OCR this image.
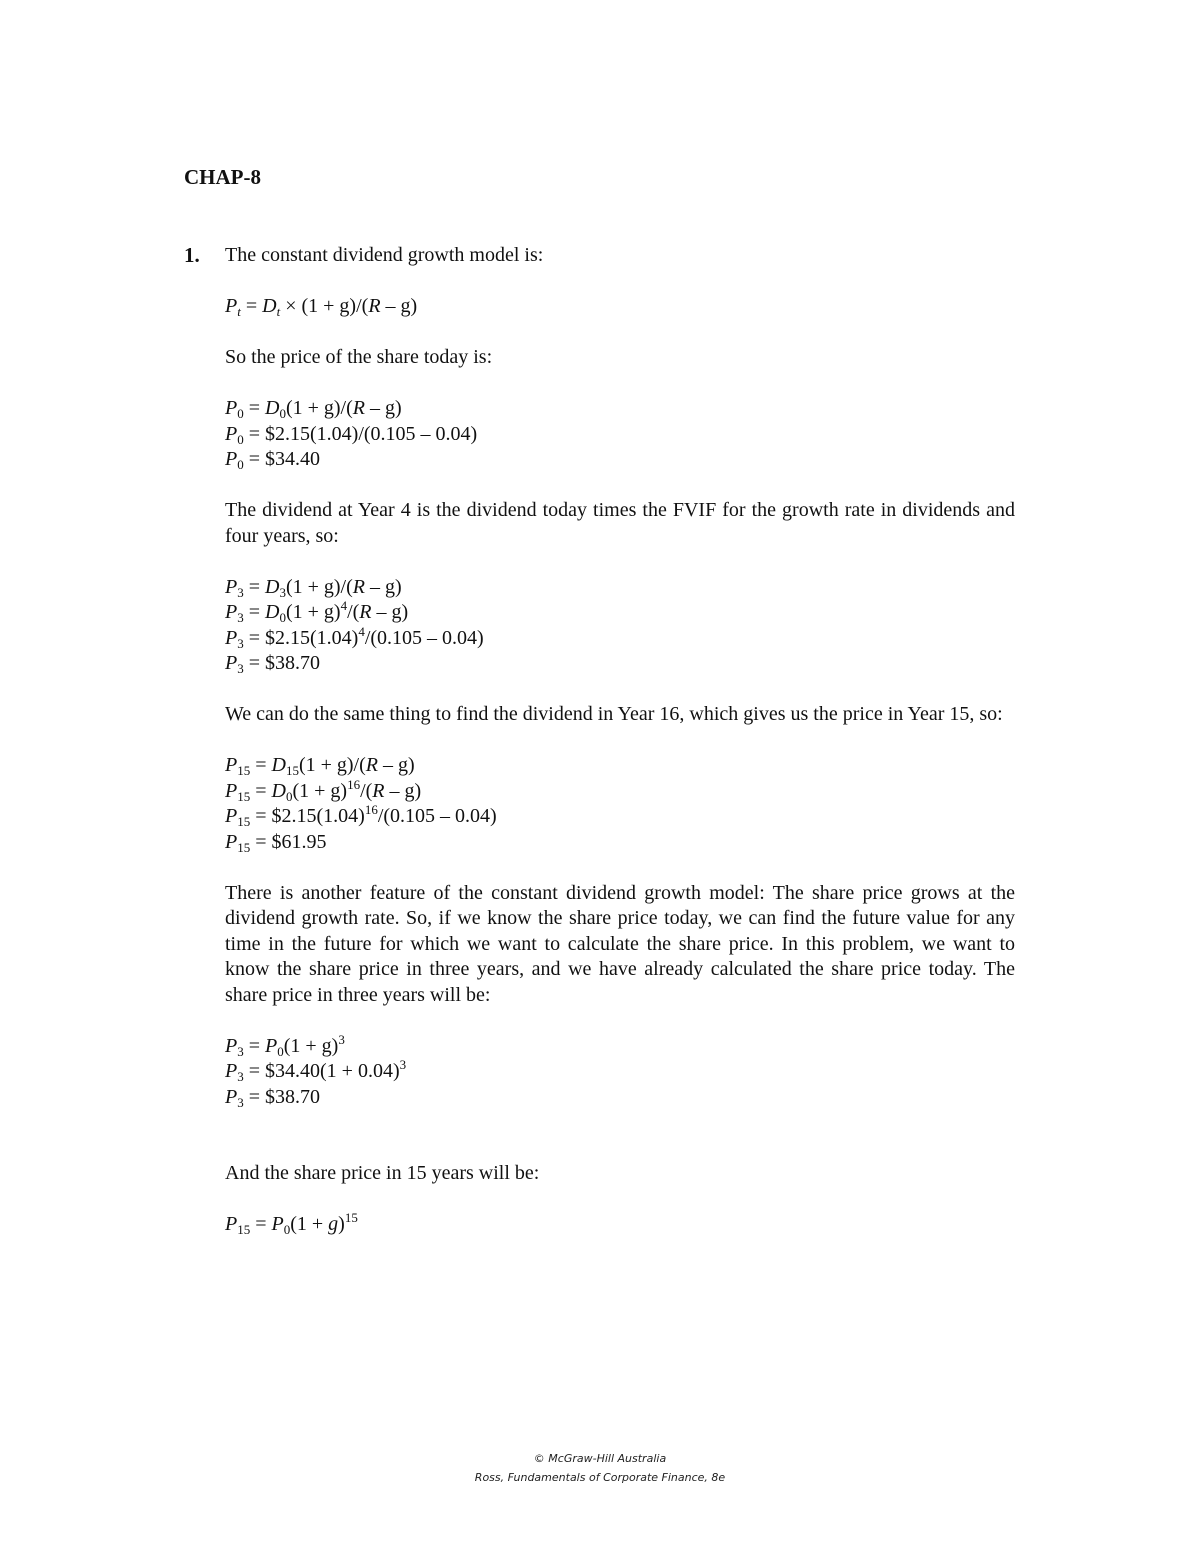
CHAP-8
1. The constant dividend growth model is:

$P_t = D_t \times (1 + g)/(R - g)$

So the price of the share today is:

$P_0 = D_0(1 + g)/(R - g)$

$P_0$ = $2.15(1.04)/(0.105 – 0.04)

$P_0$ = $34.40

The dividend at Year 4 is the dividend today times the FVIF for the growth rate in dividends and four years, so:

$P_3 = D_3(1 + g)/(R - g)$

$P_3 = D_0(1 + g)^4/(R - g)$

$P_3$ = $\$2.15(1.04)^4/(0.105 - 0.04)$

$P_3$ = $38.70

We can do the same thing to find the dividend in Year 16, which gives us the price in Year 15, so:

$P_{15} = D_{15}(1 + g)/(R - g)$

$P_{15} = D_0(1 + g)^{16}/(R - g)$

$P_{15}$ = $\$2.15(1.04)^{16}/(0.105 - 0.04)$

$P_{15}$ = $61.95

There is another feature of the constant dividend growth model: The share price grows at the dividend growth rate. So, if we know the share price today, we can find the future value for any time in the future for which we want to calculate the share price. In this problem, we want to know the share price in three years, and we have already calculated the share price today. The share price in three years will be:

$P_3 = P_0(1 + g)^3$

$P_3$ = $34.40(1 + 0.04)$^3$

$P_3$ = $38.70

And the share price in 15 years will be:

$P_{15} = P_0(1 + g)^{15}$

© McGraw-Hill Australia
Ross, Fundamentals of Corporate Finance, 8e
